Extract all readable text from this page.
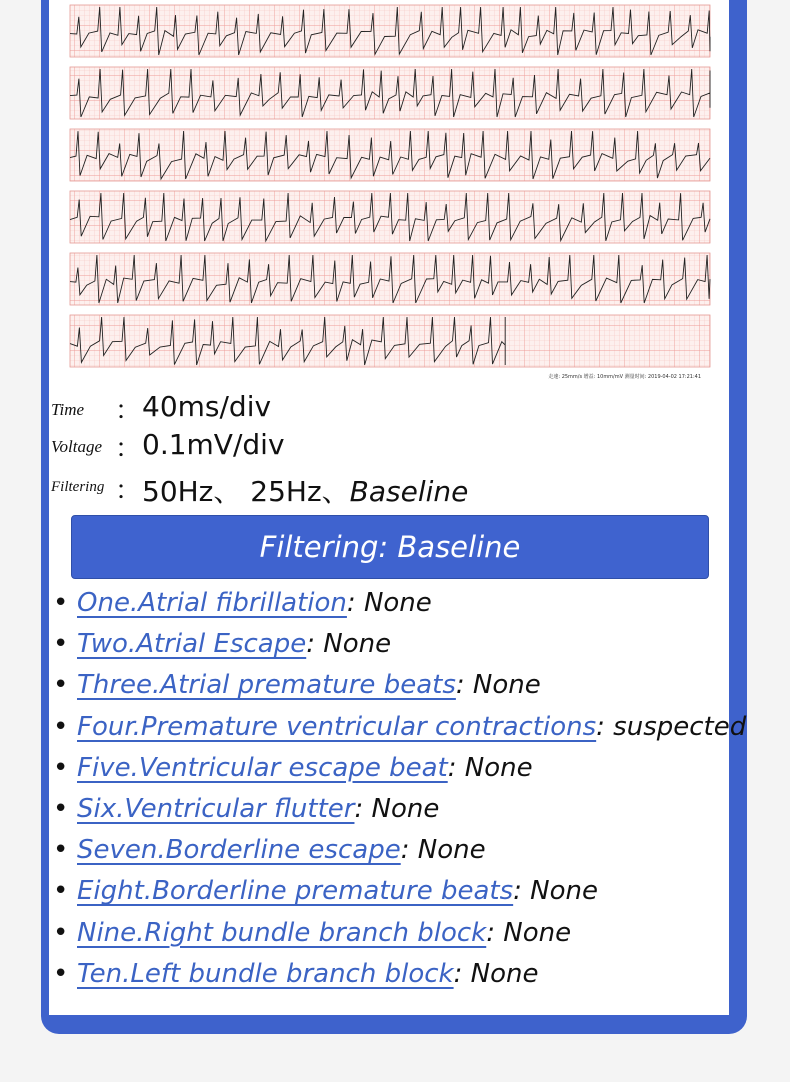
走速: 25mm/s 增益: 10mm/mV 测量时间: 2019-04-02 17:21:41
Time ： 40ms/div
Voltage ： 0.1mV/div
Filtering ： 50Hz、 25Hz、Baseline
Filtering: Baseline
• One.Atrial fibrillation: None
• Two.Atrial Escape: None
• Three.Atrial premature beats: None
• Four.Premature ventricular contractions: suspected
• Five.Ventricular escape beat: None
• Six.Ventricular flutter: None
• Seven.Borderline escape: None
• Eight.Borderline premature beats: None
• Nine.Right bundle branch block: None
• Ten.Left bundle branch block: None
